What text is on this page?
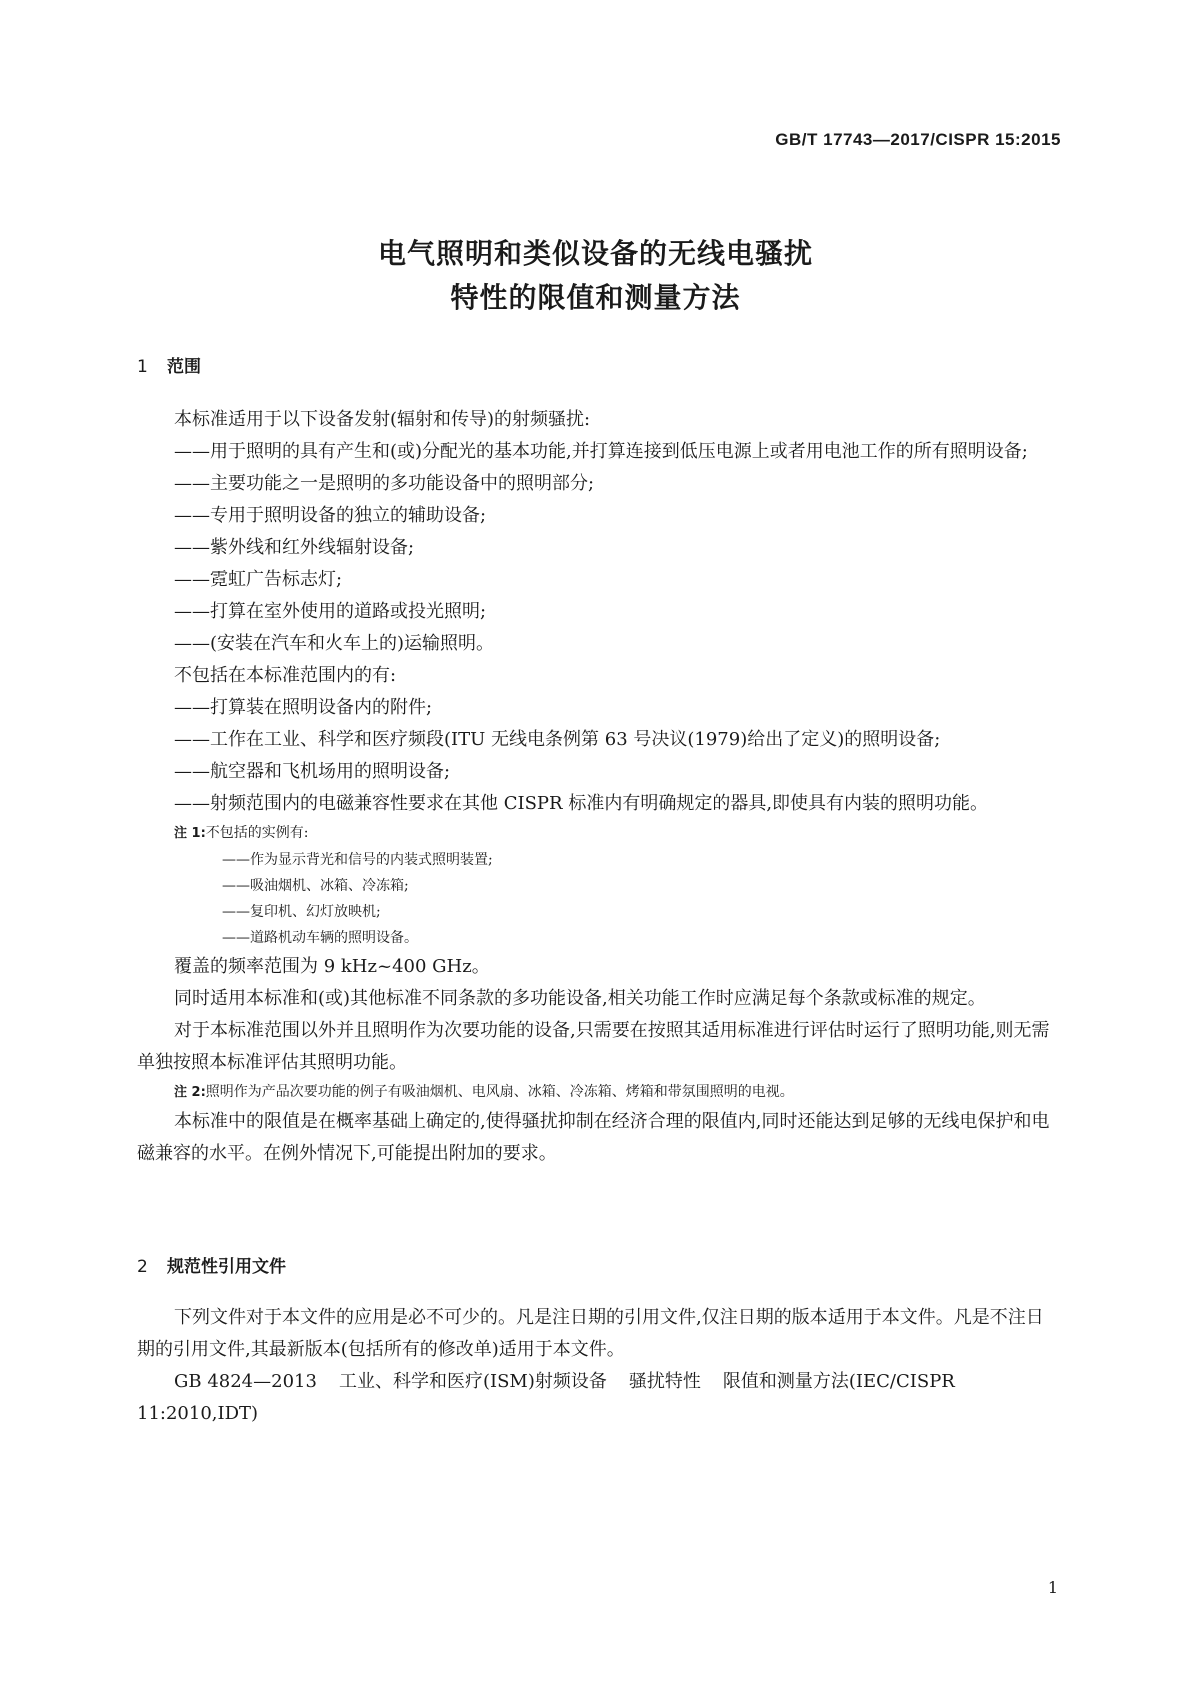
GB/T 17743—2017/CISPR 15:2015
电气照明和类似设备的无线电骚扰
特性的限值和测量方法
1 范围

本标准适用于以下设备发射(辐射和传导)的射频骚扰:

——用于照明的具有产生和(或)分配光的基本功能,并打算连接到低压电源上或者用电池工作的所有照明设备;

——主要功能之一是照明的多功能设备中的照明部分;

——专用于照明设备的独立的辅助设备;

——紫外线和红外线辐射设备;

——霓虹广告标志灯;

——打算在室外使用的道路或投光照明;

——(安装在汽车和火车上的)运输照明。

不包括在本标准范围内的有:

——打算装在照明设备内的附件;

——工作在工业、科学和医疗频段(ITU 无线电条例第 63 号决议(1979)给出了定义)的照明设备;

——航空器和飞机场用的照明设备;

——射频范围内的电磁兼容性要求在其他 CISPR 标准内有明确规定的器具,即使具有内装的照明功能。

注 1:不包括的实例有:

——作为显示背光和信号的内装式照明装置;

——吸油烟机、冰箱、冷冻箱;

——复印机、幻灯放映机;

——道路机动车辆的照明设备。

覆盖的频率范围为 9 kHz~400 GHz。

同时适用本标准和(或)其他标准不同条款的多功能设备,相关功能工作时应满足每个条款或标准的规定。

对于本标准范围以外并且照明作为次要功能的设备,只需要在按照其适用标准进行评估时运行了照明功能,则无需单独按照本标准评估其照明功能。

注 2:照明作为产品次要功能的例子有吸油烟机、电风扇、冰箱、冷冻箱、烤箱和带氛围照明的电视。

本标准中的限值是在概率基础上确定的,使得骚扰抑制在经济合理的限值内,同时还能达到足够的无线电保护和电磁兼容的水平。在例外情况下,可能提出附加的要求。

2 规范性引用文件

下列文件对于本文件的应用是必不可少的。凡是注日期的引用文件,仅注日期的版本适用于本文件。凡是不注日期的引用文件,其最新版本(包括所有的修改单)适用于本文件。

GB 4824—2013 工业、科学和医疗(ISM)射频设备 骚扰特性 限值和测量方法(IEC/CISPR 11:2010,IDT)

1
